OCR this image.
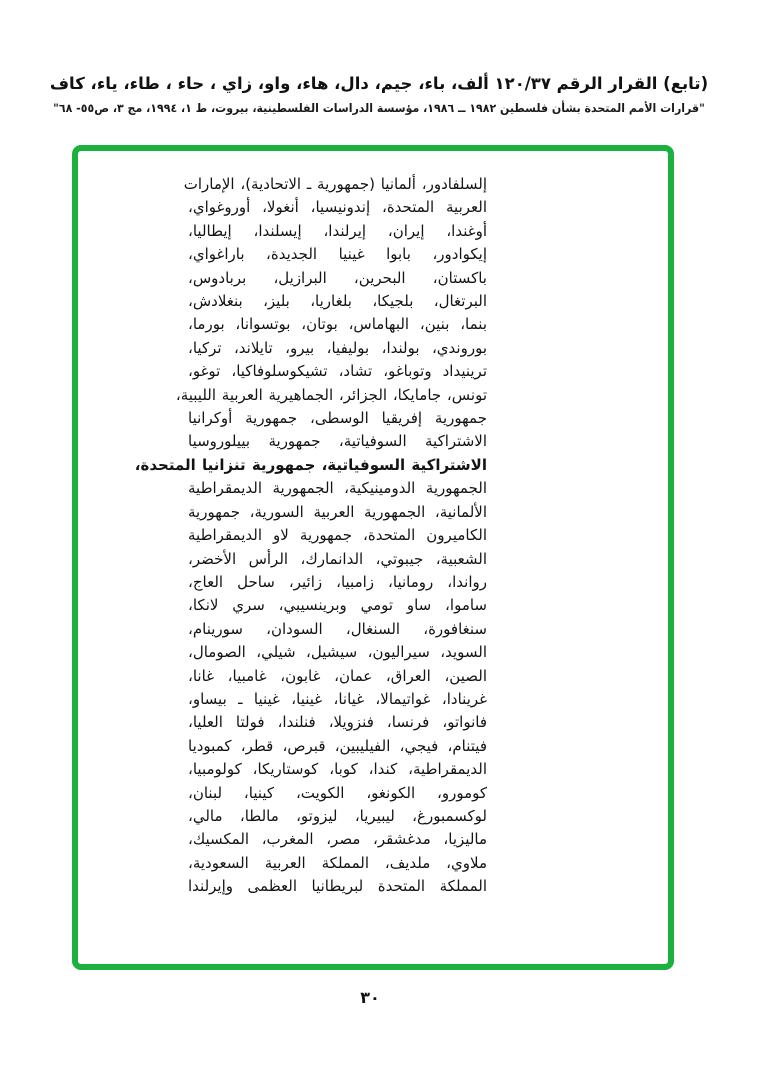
(تابع) القرار الرقم ١٢٠/٣٧ ألف، باء، جيم، دال، هاء، واو، زاي ، حاء ، طاء، ياء، كاف
"قرارات الأمم المتحدة بشأن فلسطين ١٩٨٢ ــ ١٩٨٦، مؤسسة الدراسات الفلسطينية، بيروت، ط ١، ١٩٩٤، مج ٣، ص٥٥- ٦٨"
إلسلفادور، ألمانيا (جمهورية ـ الاتحادية)، الإمارات
العربية المتحدة، إندونيسيا، أنغولا، أوروغواي،
أوغندا، إيران، إيرلندا، إيسلندا، إيطاليا،
إيكوادور، بابوا غينيا الجديدة، باراغواي،
باكستان، البحرين، البرازيل، بربادوس،
البرتغال، بلجيكا، بلغاريا، بليز، بنغلادش،
بنما، بنين، البهاماس، بوتان، بوتسوانا، بورما،
بوروندي، بولندا، بوليفيا، بيرو، تايلاند، تركيا،
ترينيداد وتوباغو، تشاد، تشيكوسلوفاكيا، توغو،
تونس، جامايكا، الجزائر، الجماهيرية العربية الليبية،
جمهورية إفريقيا الوسطى، جمهورية أوكرانيا
الاشتراكية السوفياتية، جمهورية بييلوروسيا
الاشتراكية السوفياتية، جمهورية تنزانيا المتحدة،
الجمهورية الدومينيكية، الجمهورية الديمقراطية
الألمانية، الجمهورية العربية السورية، جمهورية
الكاميرون المتحدة، جمهورية لاو الديمقراطية
الشعبية، جيبوتي، الدانمارك، الرأس الأخضر،
رواندا، رومانيا، زامبيا، زائير، ساحل العاج،
ساموا، ساو تومي وبرينسيبي، سري لانكا،
سنغافورة، السنغال، السودان، سورينام،
السويد، سيراليون، سيشيل، شيلي، الصومال،
الصين، العراق، عمان، غابون، غامبيا، غانا،
غرينادا، غواتيمالا، غيانا، غينيا، غينيا ـ بيساو،
فانواتو، فرنسا، فنزويلا، فنلندا، فولتا العليا،
فيتنام، فيجي، الفيليبين، قبرص، قطر، كمبوديا
الديمقراطية، كندا، كوبا، كوستاريكا، كولومبيا،
كومورو، الكونغو، الكويت، كينيا، لبنان،
لوكسمبورغ، ليبيريا، ليزوتو، مالطا، مالي،
ماليزيا، مدغشقر، مصر، المغرب، المكسيك،
ملاوي، ملديف، المملكة العربية السعودية،
المملكة المتحدة لبريطانيا العظمى وإيرلندا
٣٠
